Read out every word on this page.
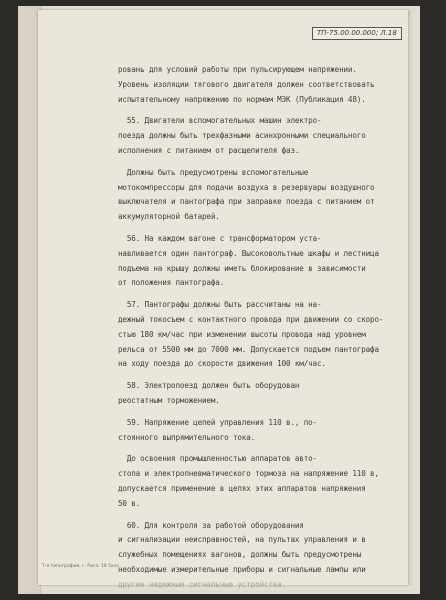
ТП-75.00.00.000; Л.18
ровань для условий работы при пульсирующем напряжении.
Уровень изоляции тягового двигателя должен соответствовать
испытательному напряжению по нормам МЭК (Публикация 48).
55. Двигатели вспомогательных машин электро-
поезда должны быть трехфазными асинхронными специального
исполнения с питанием от расщепителя фаз.
Должны быть предусмотрены вспомогательные
мотокомпрессоры для подачи воздуха в резервуары воздушного
выключателя и пантографа при заправке поезда с питанием от
аккумуляторной батарей.
56. На каждом вагоне с трансформатором уста-
навливается один пантограф. Высоковольтные шкафы и лестница
подъема на крышу должны иметь блокирование в зависимости
от положения пантографа.
57. Пантографы должны быть рассчитаны на на-
дежный токосъем с контактного провода при движении со скоро-
стью 180 км/час при изменении высоты провода над уровнем
рельса от 5500 мм до 7000 мм. Допускается подъем пантографа
на ходу поезда до скорости движения 100 км/час.
58. Электропоезд должен быть оборудован
реостатным торможением.
59. Напряжение цепей управления 110 в., по-
стоянного выпрямительного тока.
До освоения промышленностью аппаратов авто-
стопа и электропневматического тормоза на напряжение 110 в,
допускается применение в цепях этих аппаратов напряжения
50 в.
60. Для контроля за работой оборудования
и сигнализации неисправностей, на пультах управления и в
служебных помещениях вагонов, должны быть предусмотрены
необходимые измерительные приборы и сигнальные лампы или
другие надежные сигнальные устройства.
Т-я типография, г. Рига. 19 5ххх
